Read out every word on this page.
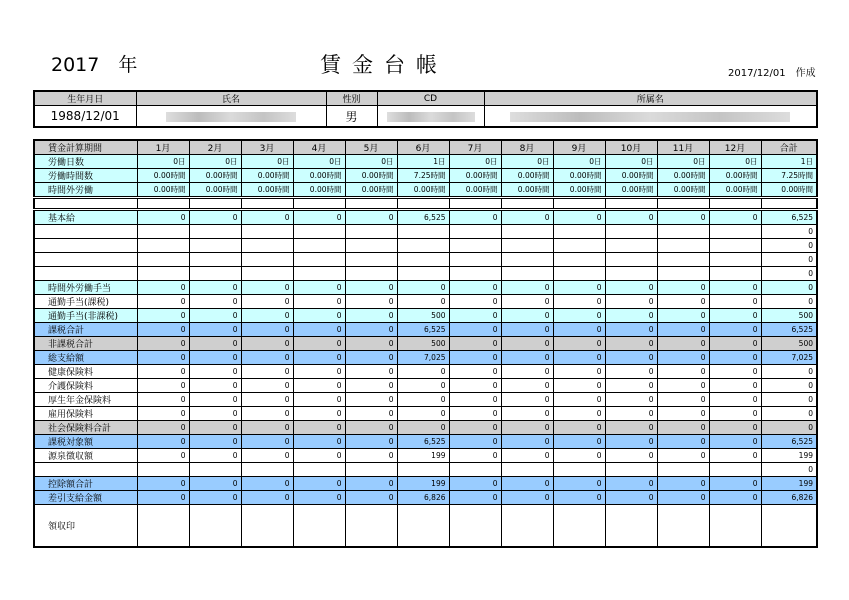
2017　年	賃金台帳	2017/12/01　作成
生年月日	氏名	性別	CD	所属名
1988/12/01		男		
賃金計算期間	1月	2月	3月	4月	5月	6月	7月	8月	9月	10月	11月	12月	合計
労働日数	0日	0日	0日	0日	0日	1日	0日	0日	0日	0日	0日	0日	1日
労働時間数	0.00時間	0.00時間	0.00時間	0.00時間	0.00時間	7.25時間	0.00時間	0.00時間	0.00時間	0.00時間	0.00時間	0.00時間	7.25時間
時間外労働	0.00時間	0.00時間	0.00時間	0.00時間	0.00時間	0.00時間	0.00時間	0.00時間	0.00時間	0.00時間	0.00時間	0.00時間	0.00時間

基本給	0	0	0	0	0	6,525	0	0	0	0	0	0	6,525
													0
													0
													0
													0
時間外労働手当	0	0	0	0	0	0	0	0	0	0	0	0	0
通勤手当(課税)	0	0	0	0	0	0	0	0	0	0	0	0	0
通勤手当(非課税)	0	0	0	0	0	500	0	0	0	0	0	0	500
課税合計	0	0	0	0	0	6,525	0	0	0	0	0	0	6,525
非課税合計	0	0	0	0	0	500	0	0	0	0	0	0	500
総支給額	0	0	0	0	0	7,025	0	0	0	0	0	0	7,025
健康保険料	0	0	0	0	0	0	0	0	0	0	0	0	0
介護保険料	0	0	0	0	0	0	0	0	0	0	0	0	0
厚生年金保険料	0	0	0	0	0	0	0	0	0	0	0	0	0
雇用保険料	0	0	0	0	0	0	0	0	0	0	0	0	0
社会保険料合計	0	0	0	0	0	0	0	0	0	0	0	0	0
課税対象額	0	0	0	0	0	6,525	0	0	0	0	0	0	6,525
源泉徴収額	0	0	0	0	0	199	0	0	0	0	0	0	199
													0
控除額合計	0	0	0	0	0	199	0	0	0	0	0	0	199
差引支給金額	0	0	0	0	0	6,826	0	0	0	0	0	0	6,826
領収印													
